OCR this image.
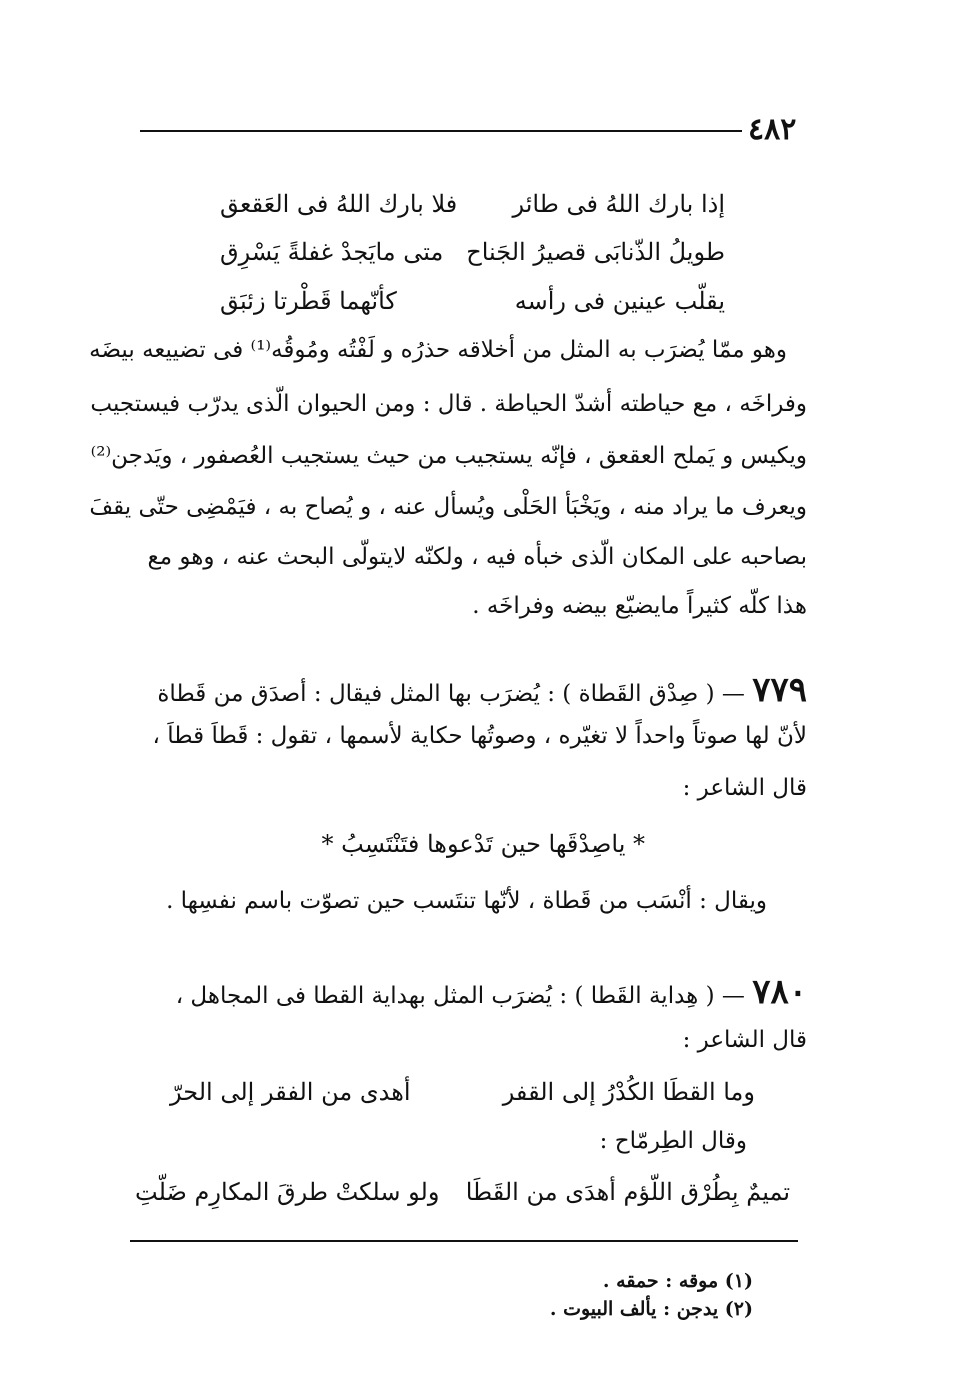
٤٨٢
إذا بارك اللهُ فى طائر
فلا بارك اللهُ فى العَقعق
طويلُ الذّنابَى قصيرُ الجَناح
متى مايَجدْ غفلةً يَسْرِق
يقلّب عينين فى رأسه
كأنّهما قَطْرتا زئبَق
وهو ممّا يُضرَب به المثل من أخلاقه حذرُه و لَفْتُه ومُوقُه⁽¹⁾ فى تضييعه بيضَه
وفراخَه ، مع حياطته أشدّ الحياطة . قال : ومن الحيوان الّذى يدرّب فيستجيب
ويكيس و يَملح العقعق ، فإنّه يستجيب من حيث يستجيب العُصفور ، ويَدجن⁽²⁾
ويعرف ما يراد منه ، ويَخْبَأ الحَلْى ويُسأل عنه ، و يُصاح به ، فيَمْضِى حتّى يقفَ
بصاحبه على المكان الّذى خبأه فيه ، ولكنّه لايتولّى البحث عنه ، وهو مع
هذا كلّه كثيراً مايضيّع بيضه وفراخَه .
٧٧٩ — ( صِدْق القَطاة ) : يُضرَب بها المثل فيقال : أصدَق من قَطاة
لأنّ لها صوتاً واحداً لا تغيّره ، وصوتُها حكاية لأسمها ، تقول : قَطاَ قطاَ ،
قال الشاعر :
* ياصِدْقَها حين تَدْعوها فتَنْتَسِبُ *
ويقال : أنْسَب من قَطاة ، لأنّها تنتَسب حين تصوّت باسم نفسِها .
٧٨٠ — ( هِداية القَطا ) : يُضرَب المثل بهداية القطا فى المجاهل ،
قال الشاعر :
وما القطَا الكُدْرُ إلى القفر
أهدى من الفقر إلى الحرّ
وقال الطِرمّاح :
تميمٌ بِطُرْق اللّؤم أهدَى من القَطَا
ولو سلكتْ طرقَ المكارِم ضَلّتِ
(١) موقه : حمقه .
(٢) يدجن : يألف البيوت .
